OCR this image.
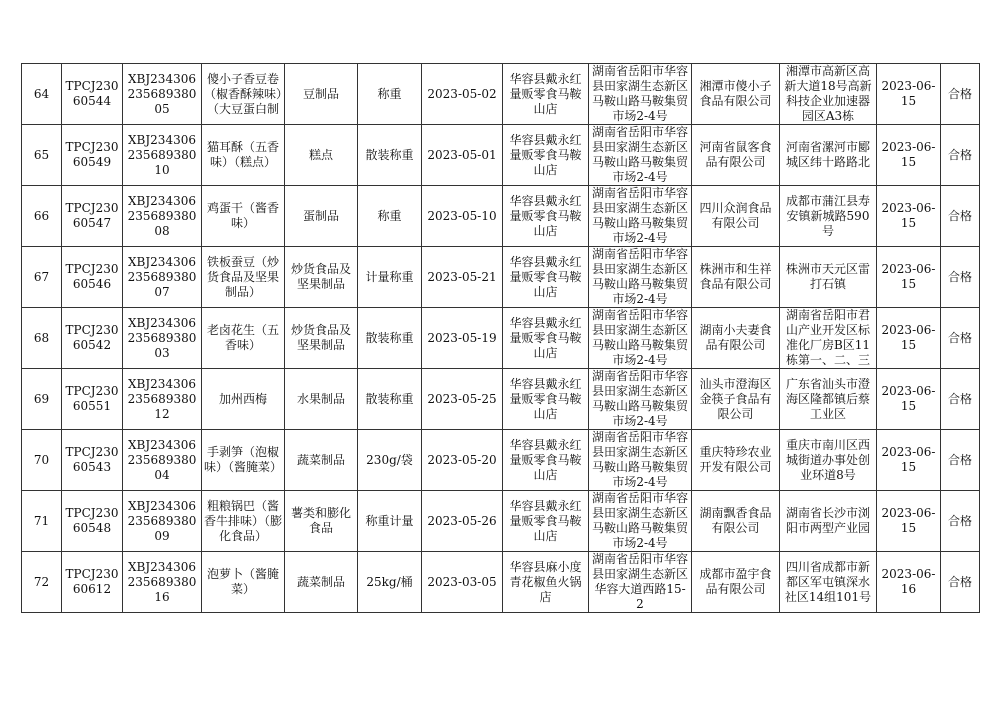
64	TPCJ23060544	XBJ23430623568938005	傻小子香豆卷（椒香酥辣味）（大豆蛋白制	豆制品	称重	2023-05-02	华容县戴永红量贩零食马鞍山店	湖南省岳阳市华容县田家湖生态新区马鞍山路马鞍集贸市场2-4号	湘潭市傻小子食品有限公司	湘潭市高新区高新大道18号高新科技企业加速器园区A3栋	2023-06-15	合格
65	TPCJ23060549	XBJ23430623568938010	猫耳酥（五香味）（糕点）	糕点	散装称重	2023-05-01	华容县戴永红量贩零食马鞍山店	湖南省岳阳市华容县田家湖生态新区马鞍山路马鞍集贸市场2-4号	河南省鼠客食品有限公司	河南省漯河市郾城区纬十路路北	2023-06-15	合格
66	TPCJ23060547	XBJ23430623568938008	鸡蛋干（酱香味）	蛋制品	称重	2023-05-10	华容县戴永红量贩零食马鞍山店	湖南省岳阳市华容县田家湖生态新区马鞍山路马鞍集贸市场2-4号	四川众润食品有限公司	成都市蒲江县寿安镇新城路590号	2023-06-15	合格
67	TPCJ23060546	XBJ23430623568938007	铁板蚕豆（炒货食品及坚果制品）	炒货食品及坚果制品	计量称重	2023-05-21	华容县戴永红量贩零食马鞍山店	湖南省岳阳市华容县田家湖生态新区马鞍山路马鞍集贸市场2-4号	株洲市和生祥食品有限公司	株洲市天元区雷打石镇	2023-06-15	合格
68	TPCJ23060542	XBJ23430623568938003	老卤花生（五香味）	炒货食品及坚果制品	散装称重	2023-05-19	华容县戴永红量贩零食马鞍山店	湖南省岳阳市华容县田家湖生态新区马鞍山路马鞍集贸市场2-4号	湖南小夫妻食品有限公司	湖南省岳阳市君山产业开发区标准化厂房B区11栋第一、二、三	2023-06-15	合格
69	TPCJ23060551	XBJ23430623568938012	加州西梅	水果制品	散装称重	2023-05-25	华容县戴永红量贩零食马鞍山店	湖南省岳阳市华容县田家湖生态新区马鞍山路马鞍集贸市场2-4号	汕头市澄海区金筷子食品有限公司	广东省汕头市澄海区隆都镇后蔡工业区	2023-06-15	合格
70	TPCJ23060543	XBJ23430623568938004	手剥笋（泡椒味）（酱腌菜）	蔬菜制品	230g/袋	2023-05-20	华容县戴永红量贩零食马鞍山店	湖南省岳阳市华容县田家湖生态新区马鞍山路马鞍集贸市场2-4号	重庆特珍农业开发有限公司	重庆市南川区西城街道办事处创业环道8号	2023-06-15	合格
71	TPCJ23060548	XBJ23430623568938009	粗粮锅巴（酱香牛排味）（膨化食品）	薯类和膨化食品	称重计量	2023-05-26	华容县戴永红量贩零食马鞍山店	湖南省岳阳市华容县田家湖生态新区马鞍山路马鞍集贸市场2-4号	湖南飘香食品有限公司	湖南省长沙市浏阳市两型产业园	2023-06-15	合格
72	TPCJ23060612	XBJ23430623568938016	泡萝卜（酱腌菜）	蔬菜制品	25kg/桶	2023-03-05	华容县麻小度青花椒鱼火锅店	湖南省岳阳市华容县田家湖生态新区华容大道西路15-2	成都市盈宇食品有限公司	四川省成都市新都区军屯镇深水社区14组101号	2023-06-16	合格
